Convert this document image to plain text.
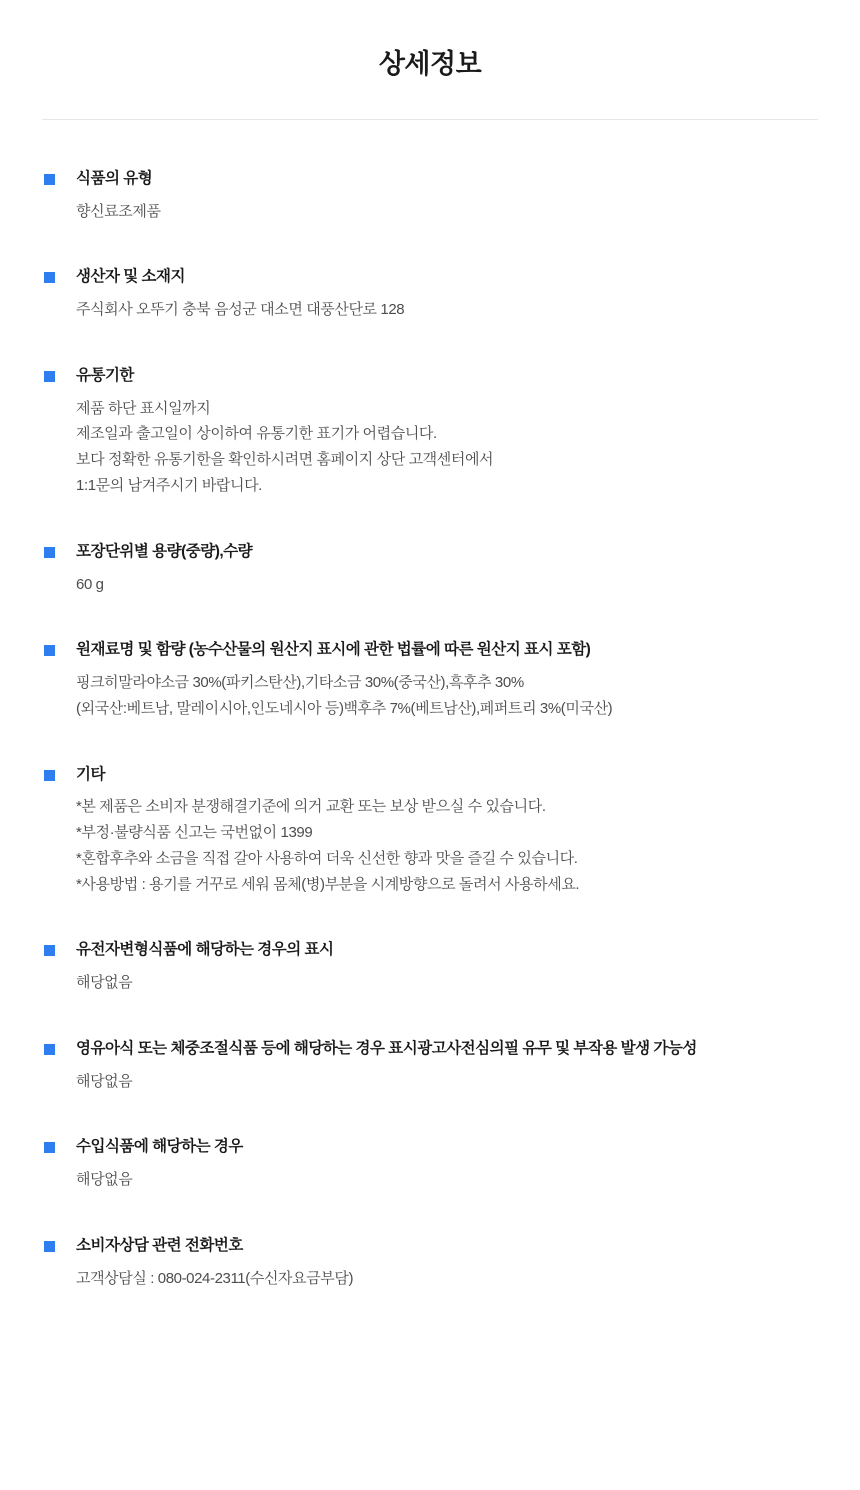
상세정보
식품의 유형
향신료조제품
생산자 및 소재지
주식회사 오뚜기 충북 음성군 대소면 대풍산단로 128
유통기한
제품 하단 표시일까지
제조일과 출고일이 상이하여 유통기한 표기가 어렵습니다.
보다 정확한 유통기한을 확인하시려면 홈페이지 상단 고객센터에서
1:1문의 남겨주시기 바랍니다.
포장단위별 용량(중량),수량
60 g
원재료명 및 함량 (농수산물의 원산지 표시에 관한 법률에 따른 원산지 표시 포함)
핑크히말라야소금 30%(파키스탄산),기타소금 30%(중국산),흑후추 30%
(외국산:베트남, 말레이시아,인도네시아 등)백후추 7%(베트남산),페퍼트리 3%(미국산)
기타
*본 제품은 소비자 분쟁해결기준에 의거 교환 또는 보상 받으실 수 있습니다.
*부정·불량식품 신고는 국번없이 1399
*혼합후추와 소금을 직접 갈아 사용하여 더욱 신선한 향과 맛을 즐길 수 있습니다.
*사용방법 : 용기를 거꾸로 세워 몸체(병)부분을 시계방향으로 돌려서 사용하세요.
유전자변형식품에 해당하는 경우의 표시
해당없음
영유아식 또는 체중조절식품 등에 해당하는 경우 표시광고사전심의필 유무 및 부작용 발생 가능성
해당없음
수입식품에 해당하는 경우
해당없음
소비자상담 관련 전화번호
고객상담실 : 080-024-2311(수신자요금부담)
